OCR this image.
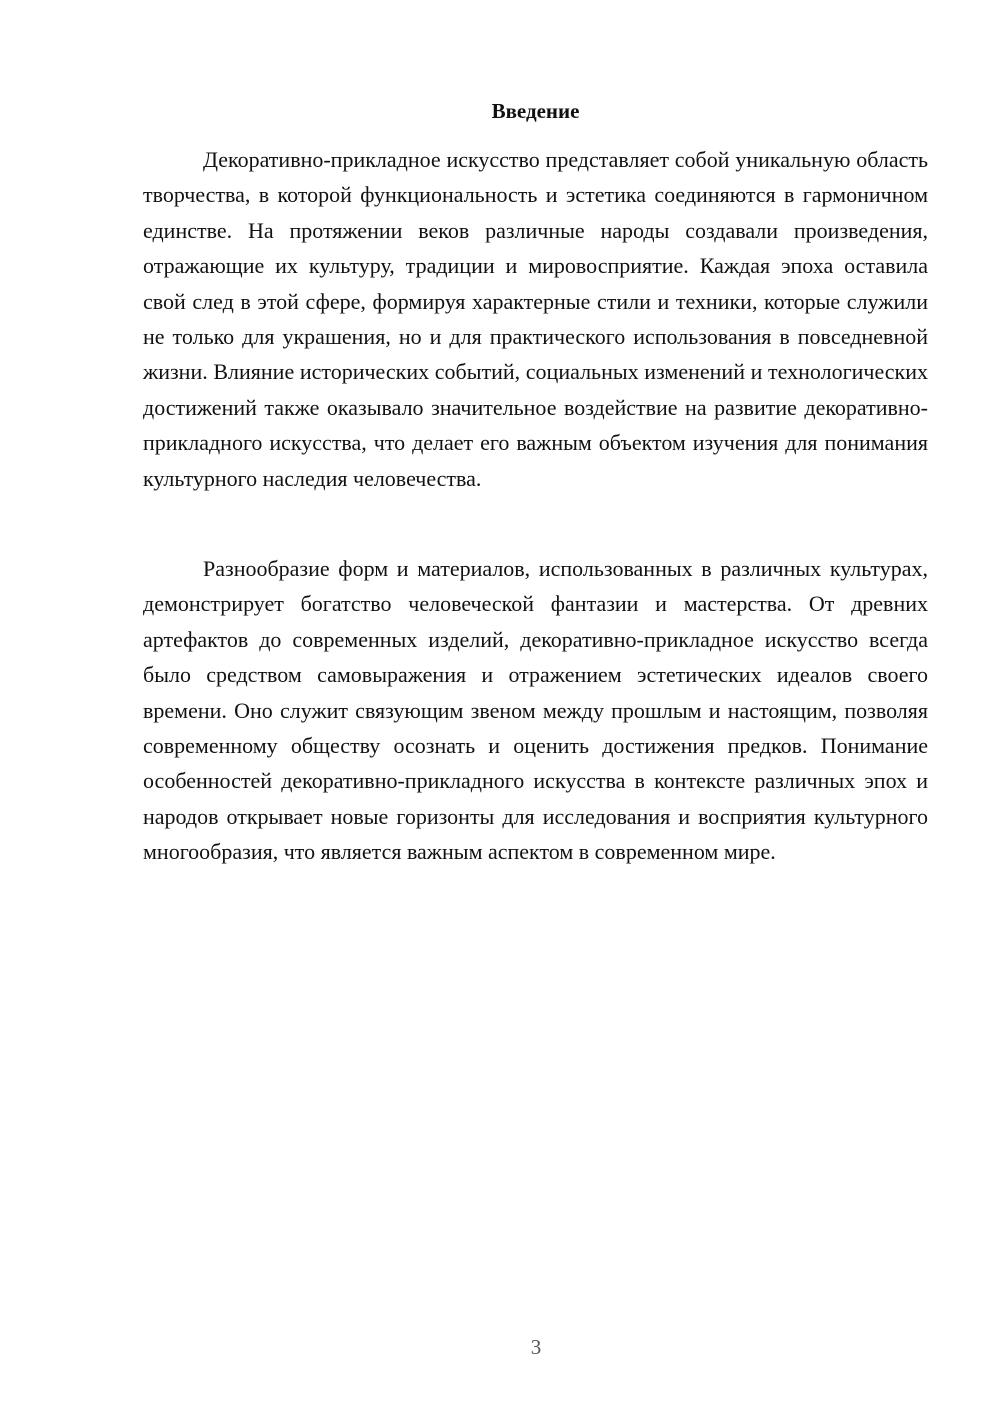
Введение

Декоративно-прикладное искусство представляет собой уникальную область творчества, в которой функциональность и эстетика соединяются в гармоничном единстве. На протяжении веков различные народы создавали произведения, отражающие их культуру, традиции и мировосприятие. Каждая эпоха оставила свой след в этой сфере, формируя характерные стили и техники, которые служили не только для украшения, но и для практического использования в повседневной жизни. Влияние исторических событий, социальных изменений и технологических достижений также оказывало значительное воздействие на развитие декоративно-прикладного искусства, что делает его важным объектом изучения для понимания культурного наследия человечества.

Разнообразие форм и материалов, использованных в различных культурах, демонстрирует богатство человеческой фантазии и мастерства. От древних артефактов до современных изделий, декоративно-прикладное искусство всегда было средством самовыражения и отражением эстетических идеалов своего времени. Оно служит связующим звеном между прошлым и настоящим, позволяя современному обществу осознать и оценить достижения предков. Понимание особенностей декоративно-прикладного искусства в контексте различных эпох и народов открывает новые горизонты для исследования и восприятия культурного многообразия, что является важным аспектом в современном мире.

3
